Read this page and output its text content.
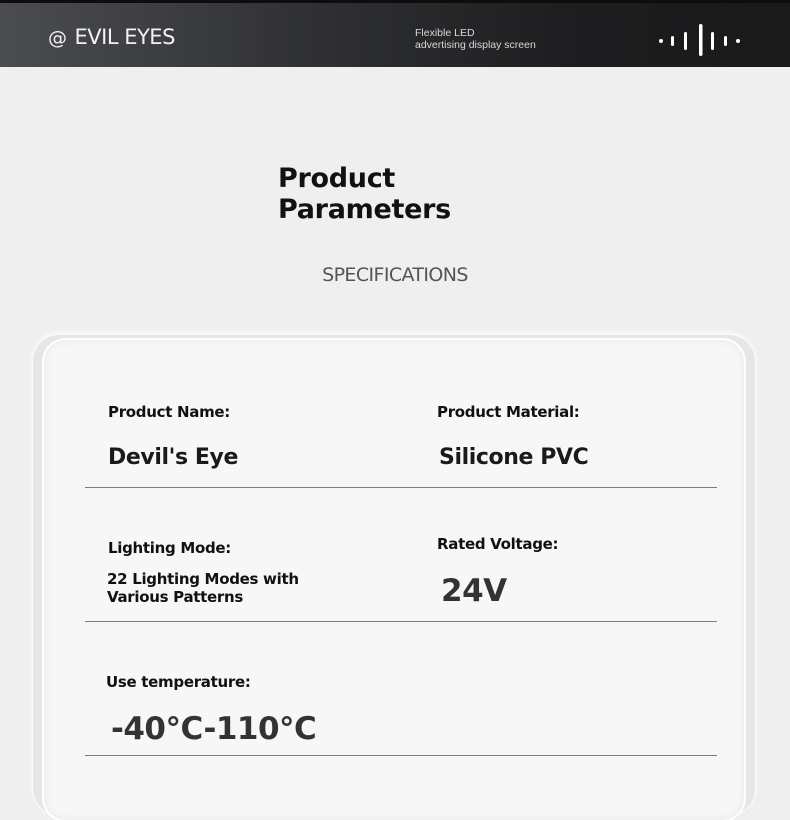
@ EVIL EYES	Flexible LED
advertising display screen
Product
Parameters
SPECIFICATIONS
Product Name:
Devil's Eye
Product Material:
Silicone PVC
Lighting Mode:
22 Lighting Modes with Various Patterns
Rated Voltage:
24V
Use temperature:
-40°C-110°C
